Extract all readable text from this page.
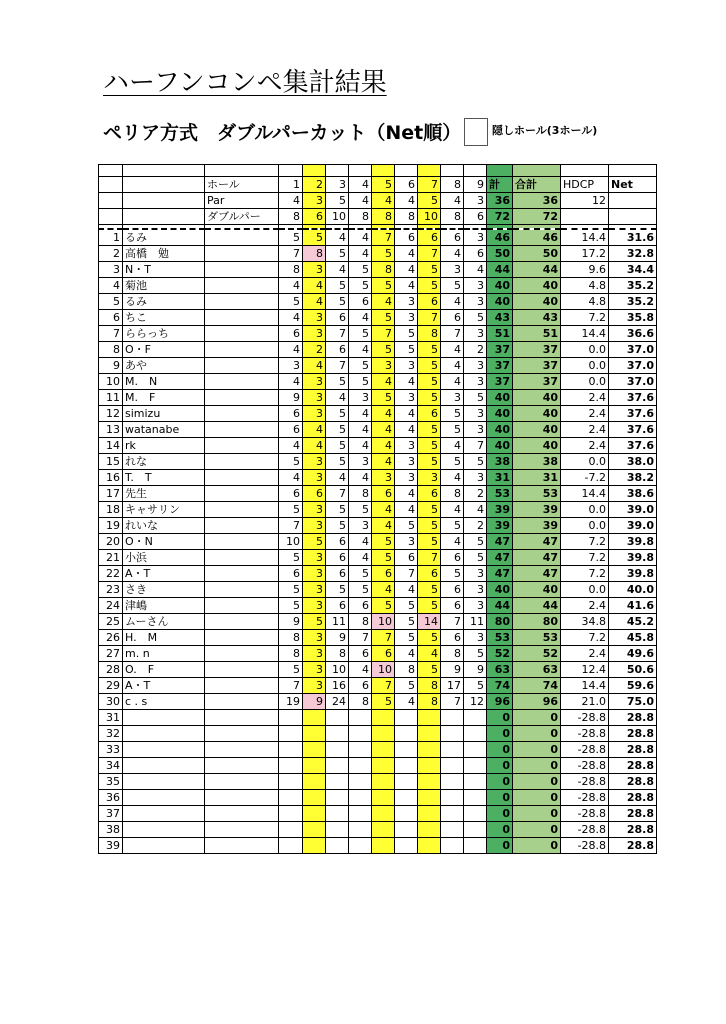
ハーフンコンペ集計結果
ペリア方式　ダブルパーカット（Net順）	隠しホール(3ホール)

		ホール	1	2	3	4	5	6	7	8	9	計	合計	HDCP	Net
		Par	4	3	5	4	4	4	5	4	3	36	36	12	
		ダブルパー	8	6	10	8	8	8	10	8	6	72	72		

1	るみ		5	5	4	4	7	6	6	6	3	46	46	14.4	31.6
2	高橋　勉		7	8	5	4	5	4	7	4	6	50	50	17.2	32.8
3	N・T		8	3	4	5	8	4	5	3	4	44	44	9.6	34.4
4	菊池		4	4	5	5	5	4	5	5	3	40	40	4.8	35.2
5	るみ		5	4	5	6	4	3	6	4	3	40	40	4.8	35.2
6	ちこ		4	3	6	4	5	3	7	6	5	43	43	7.2	35.8
7	ららっち		6	3	7	5	7	5	8	7	3	51	51	14.4	36.6
8	O・F		4	2	6	4	5	5	5	4	2	37	37	0.0	37.0
9	あや		3	4	7	5	3	3	5	4	3	37	37	0.0	37.0
10	M.　N		4	3	5	5	4	4	5	4	3	37	37	0.0	37.0
11	M.　F		9	3	4	3	5	3	5	3	5	40	40	2.4	37.6
12	simizu		6	3	5	4	4	4	6	5	3	40	40	2.4	37.6
13	watanabe		6	4	5	4	4	4	5	5	3	40	40	2.4	37.6
14	rk		4	4	5	4	4	3	5	4	7	40	40	2.4	37.6
15	れな		5	3	5	3	4	3	5	5	5	38	38	0.0	38.0
16	T.　T		4	3	4	4	3	3	3	4	3	31	31	-7.2	38.2
17	先生		6	6	7	8	6	4	6	8	2	53	53	14.4	38.6
18	キャサリン		5	3	5	5	4	4	5	4	4	39	39	0.0	39.0
19	れいな		7	3	5	3	4	5	5	5	2	39	39	0.0	39.0
20	O・N		10	5	6	4	5	3	5	4	5	47	47	7.2	39.8
21	小浜		5	3	6	4	5	6	7	6	5	47	47	7.2	39.8
22	A・T		6	3	6	5	6	7	6	5	3	47	47	7.2	39.8
23	さき		5	3	5	5	4	4	5	6	3	40	40	0.0	40.0
24	津嶋		5	3	6	6	5	5	5	6	3	44	44	2.4	41.6
25	ムーさん		9	5	11	8	10	5	14	7	11	80	80	34.8	45.2
26	H.　M		8	3	9	7	7	5	5	6	3	53	53	7.2	45.8
27	m. n		8	3	8	6	6	4	4	8	5	52	52	2.4	49.6
28	O.　F		5	3	10	4	10	8	5	9	9	63	63	12.4	50.6
29	A・T		7	3	16	6	7	5	8	17	5	74	74	14.4	59.6
30	c . s		19	9	24	8	5	4	8	7	12	96	96	21.0	75.0
31												0	0	-28.8	28.8
32												0	0	-28.8	28.8
33												0	0	-28.8	28.8
34												0	0	-28.8	28.8
35												0	0	-28.8	28.8
36												0	0	-28.8	28.8
37												0	0	-28.8	28.8
38												0	0	-28.8	28.8
39												0	0	-28.8	28.8
